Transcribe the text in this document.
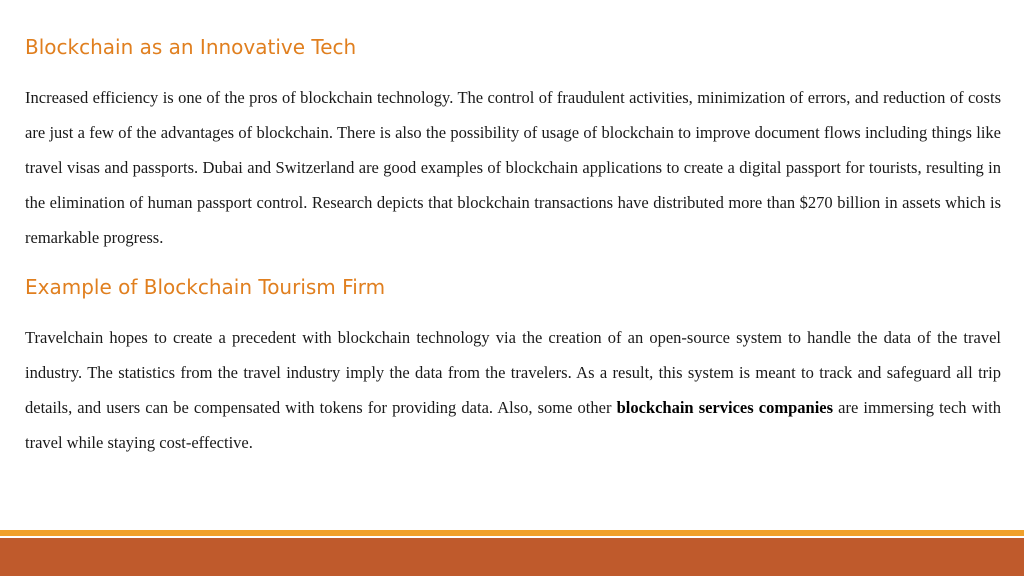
Blockchain as an Innovative Tech

Increased efficiency is one of the pros of blockchain technology. The control of fraudulent activities, minimization of errors, and reduction of costs are just a few of the advantages of blockchain. There is also the possibility of usage of blockchain to improve document flows including things like travel visas and passports. Dubai and Switzerland are good examples of blockchain applications to create a digital passport for tourists, resulting in the elimination of human passport control. Research depicts that blockchain transactions have distributed more than $270 billion in assets which is remarkable progress.

Example of Blockchain Tourism Firm

Travelchain hopes to create a precedent with blockchain technology via the creation of an open-source system to handle the data of the travel industry. The statistics from the travel industry imply the data from the travelers. As a result, this system is meant to track and safeguard all trip details, and users can be compensated with tokens for providing data. Also, some other blockchain services companies are immersing tech with travel while staying cost-effective.
